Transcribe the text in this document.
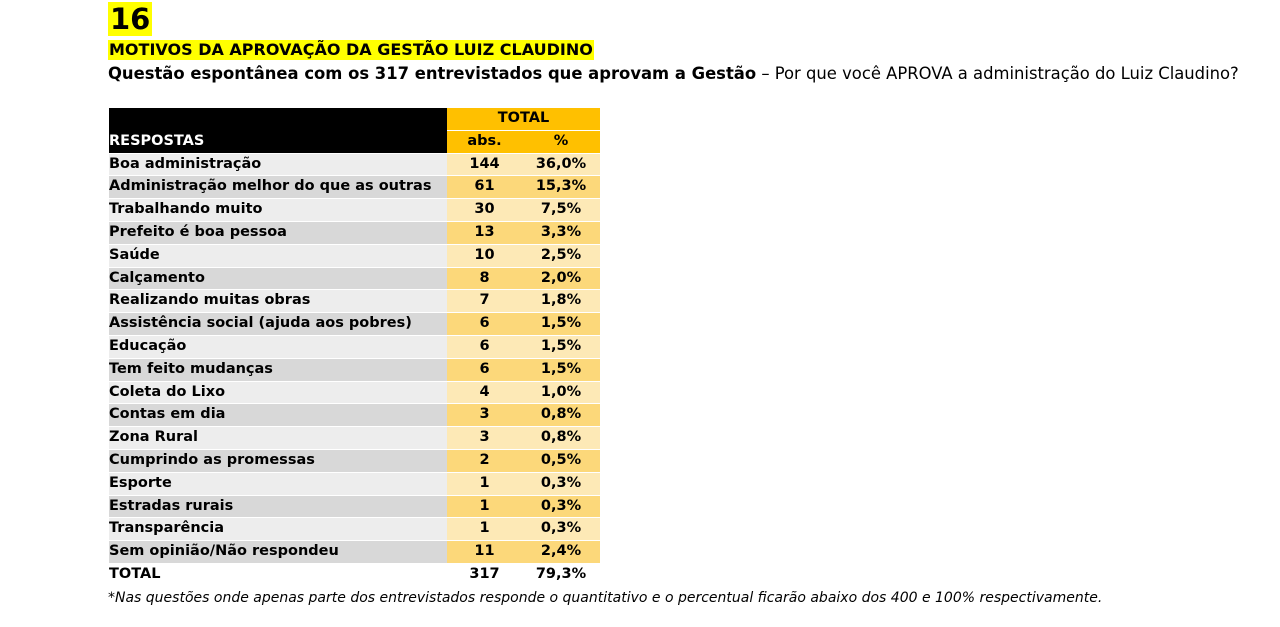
16
MOTIVOS DA APROVAÇÃO DA GESTÃO LUIZ CLAUDINO
Questão espontânea com os 317 entrevistados que aprovam a Gestão – Por que você APROVA a administração do Luiz Claudino?
RESPOSTAS	TOTAL	
	abs.	%
Boa administração	144	36,0%
Administração melhor do que as outras	61	15,3%
Trabalhando muito	30	7,5%
Prefeito é boa pessoa	13	3,3%
Saúde	10	2,5%
Calçamento	8	2,0%
Realizando muitas obras	7	1,8%
Assistência social (ajuda aos pobres)	6	1,5%
Educação	6	1,5%
Tem feito mudanças	6	1,5%
Coleta do Lixo	4	1,0%
Contas em dia	3	0,8%
Zona Rural	3	0,8%
Cumprindo as promessas	2	0,5%
Esporte	1	0,3%
Estradas rurais	1	0,3%
Transparência	1	0,3%
Sem opinião/Não respondeu	11	2,4%
TOTAL	317	79,3%
*Nas questões onde apenas parte dos entrevistados responde o quantitativo e o percentual ficarão abaixo dos 400 e 100% respectivamente.
